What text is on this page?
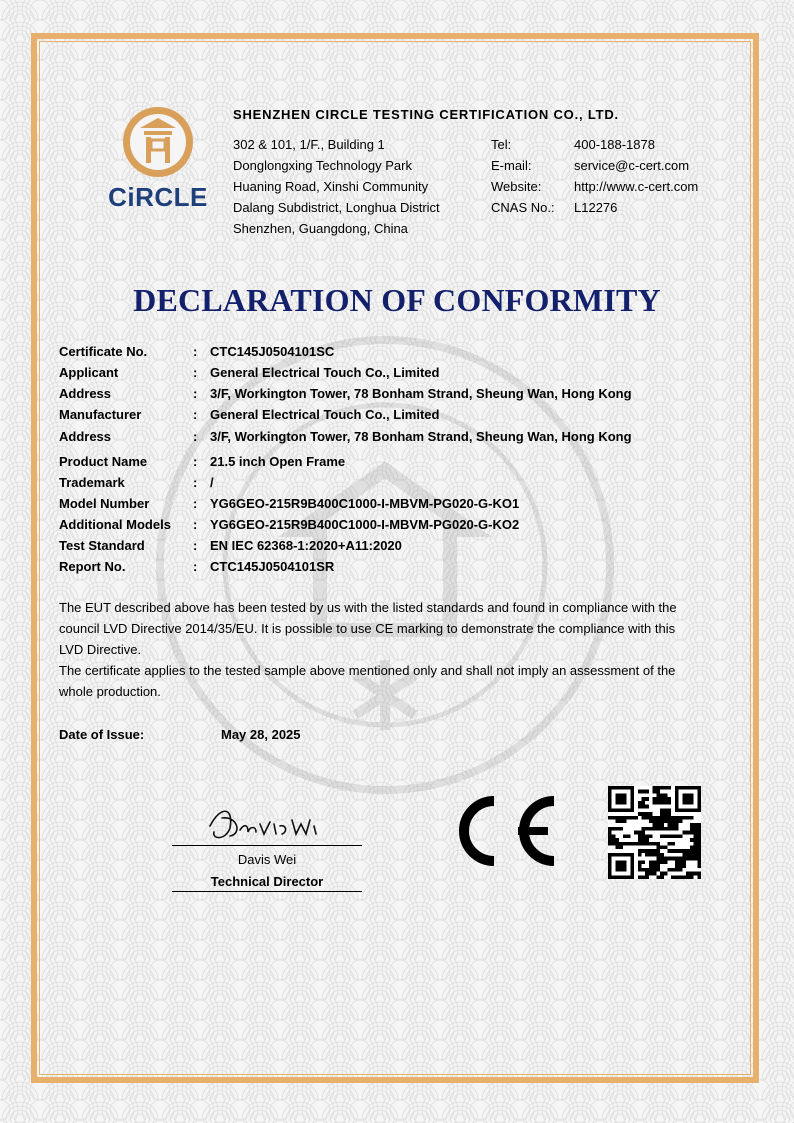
CiRCLE
SHENZHEN CIRCLE TESTING CERTIFICATION CO., LTD.
302 & 101, 1/F., Building 1
Donglongxing Technology Park
Huaning Road, Xinshi Community
Dalang Subdistrict, Longhua District
Shenzhen, Guangdong, China
Tel:	400-188-1878
E-mail:	service@c-cert.com
Website:	http://www.c-cert.com
CNAS No.: L12276
DECLARATION OF CONFORMITY
Certificate No.	: CTC145J0504101SC
Applicant	: General Electrical Touch Co., Limited
Address	: 3/F, Workington Tower, 78 Bonham Strand, Sheung Wan, Hong Kong
Manufacturer	: General Electrical Touch Co., Limited
Address	: 3/F, Workington Tower, 78 Bonham Strand, Sheung Wan, Hong Kong
Product Name	: 21.5 inch Open Frame
Trademark	: /
Model Number	: YG6GEO-215R9B400C1000-I-MBVM-PG020-G-KO1
Additional Models : YG6GEO-215R9B400C1000-I-MBVM-PG020-G-KO2
Test Standard	: EN IEC 62368-1:2020+A11:2020
Report No.	: CTC145J0504101SR
The EUT described above has been tested by us with the listed standards and found in compliance with the
council LVD Directive 2014/35/EU. It is possible to use CE marking to demonstrate the compliance with this
LVD Directive.
The certificate applies to the tested sample above mentioned only and shall not imply an assessment of the
whole production.
Date of Issue:	May 28, 2025
Davis Wei
Technical Director
